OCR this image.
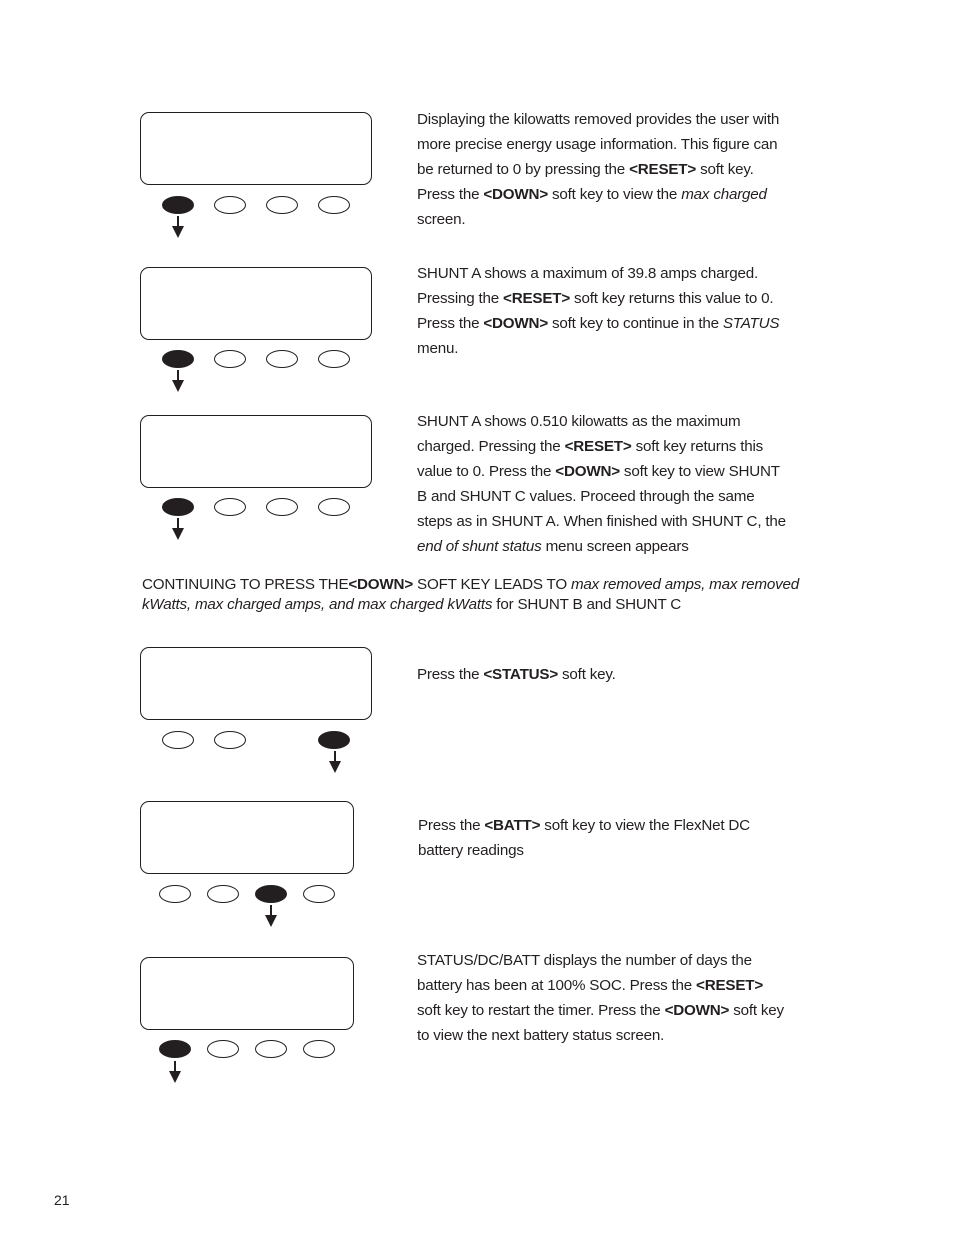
Displaying the kilowatts removed provides the user with more precise energy usage information. This figure can be returned to 0 by pressing the <RESET> soft key. Press the <DOWN> soft key to view the max charged screen.

SHUNT A shows a maximum of 39.8 amps charged. Pressing the <RESET> soft key returns this value to 0. Press the <DOWN> soft key to continue in the STATUS menu.

SHUNT A shows 0.510 kilowatts as the maximum charged. Pressing the <RESET> soft key returns this value to 0. Press the <DOWN> soft key to view SHUNT B and SHUNT C values. Proceed through the same steps as in SHUNT A. When finished with SHUNT C, the end of shunt status menu screen appears

CONTINUING TO PRESS THE<DOWN> SOFT KEY LEADS TO max removed amps, max removed kWatts, max charged amps, and max charged kWatts for SHUNT B and SHUNT C

Press the <STATUS> soft key.

Press the <BATT> soft key to view the FlexNet DC battery readings

STATUS/DC/BATT displays the number of days the battery has been at 100% SOC. Press the <RESET> soft key to restart the timer. Press the <DOWN> soft key to view the next battery status screen.

21
